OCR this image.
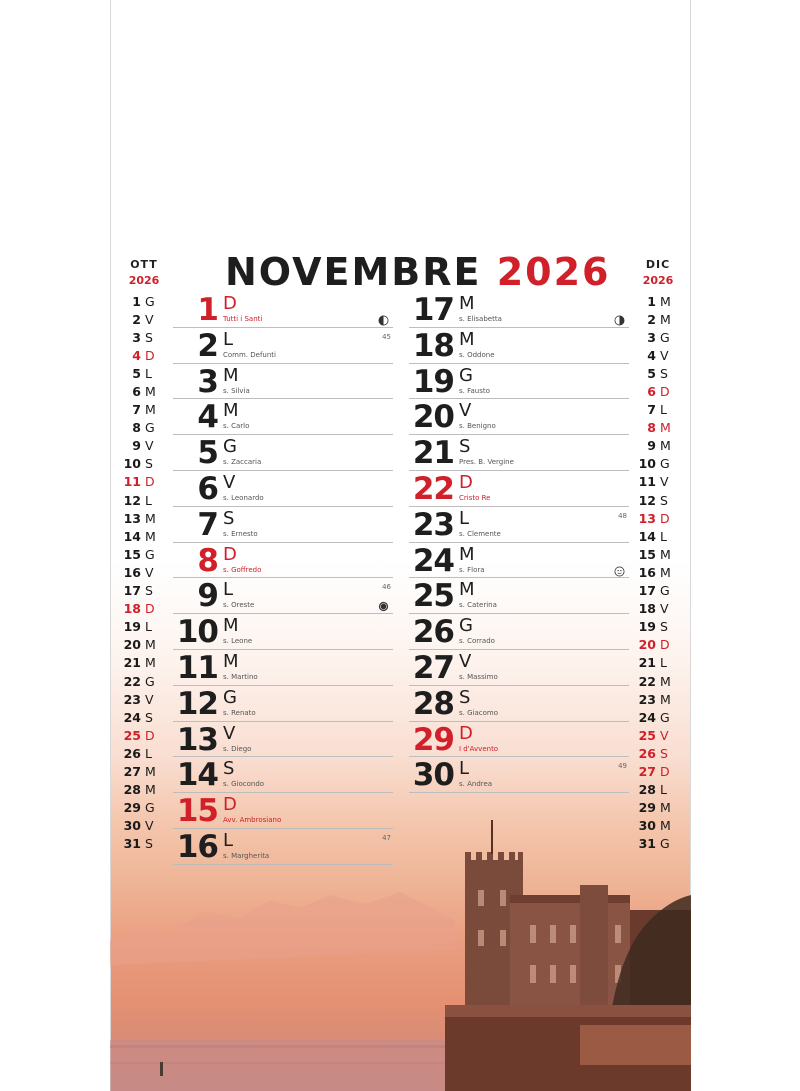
NOVEMBRE 2026
OTT
2026
DIC
2026
1 G
2 V
3 S
4 D
5 L
6 M
7 M
8 G
9 V
10 S
11 D
12 L
13 M
14 M
15 G
16 V
17 S
18 D
19 L
20 M
21 M
22 G
23 V
24 S
25 D
26 L
27 M
28 M
29 G
30 V
31 S
1 M
2 M
3 G
4 V
5 S
6 D
7 L
8 M
9 M
10 G
11 V
12 S
13 D
14 L
15 M
16 M
17 G
18 V
19 S
20 D
21 L
22 M
23 M
24 G
25 V
26 S
27 D
28 L
29 M
30 M
31 G
1 D
Tutti i Santi
2 L
Comm. Defunti
45
3 M
s. Silvia
4 M
s. Carlo
5 G
s. Zaccaria
6 V
s. Leonardo
7 S
s. Ernesto
8 D
s. Goffredo
9 L
s. Oreste
46
10 M
s. Leone
11 M
s. Martino
12 G
s. Renato
13 V
s. Diego
14 S
s. Giocondo
15 D
Avv. Ambrosiano
16 L
s. Margherita
47
17 M
s. Elisabetta
18 M
s. Oddone
19 G
s. Fausto
20 V
s. Benigno
21 S
Pres. B. Vergine
22 D
Cristo Re
23 L
s. Clemente
48
24 M
s. Flora
25 M
s. Caterina
26 G
s. Corrado
27 V
s. Massimo
28 S
s. Giacomo
29 D
I d'Avvento
30 L
s. Andrea
49
